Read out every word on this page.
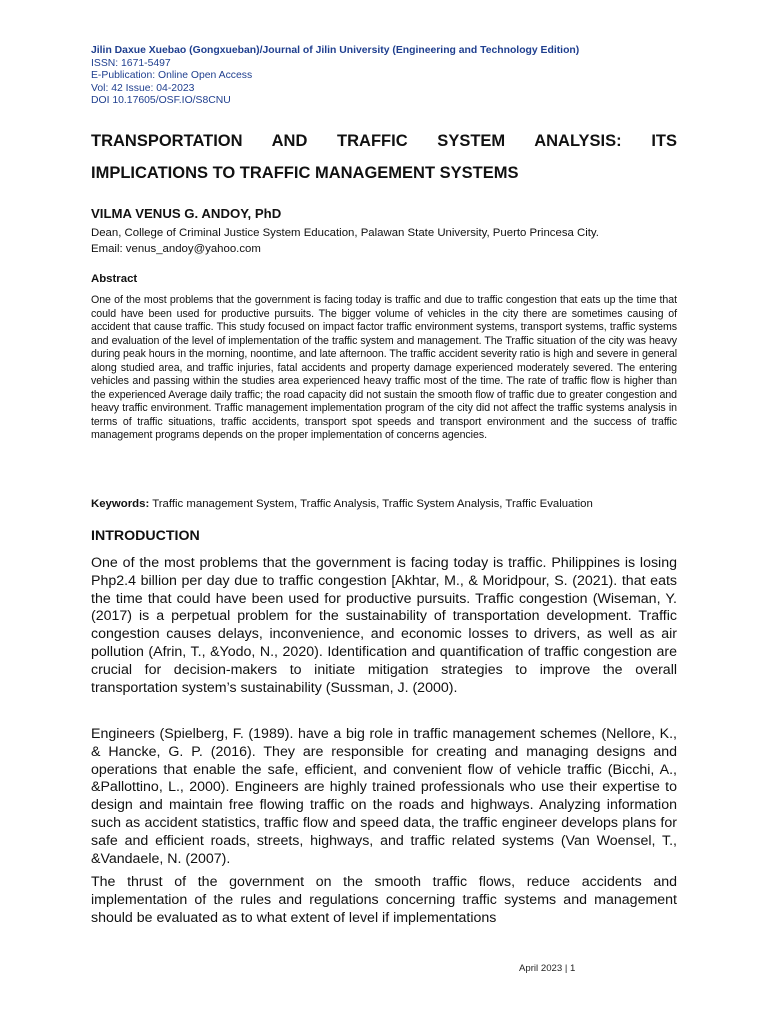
Jilin Daxue Xuebao (Gongxueban)/Journal of Jilin University (Engineering and Technology Edition)
ISSN: 1671-5497
E-Publication: Online Open Access
Vol: 42 Issue: 04-2023
DOI 10.17605/OSF.IO/S8CNU
TRANSPORTATION AND TRAFFIC SYSTEM ANALYSIS: ITS
IMPLICATIONS TO TRAFFIC MANAGEMENT SYSTEMS
VILMA VENUS G. ANDOY, PhD
Dean, College of Criminal Justice System Education, Palawan State University, Puerto Princesa City.
Email: venus_andoy@yahoo.com
Abstract

One of the most problems that the government is facing today is traffic and due to traffic congestion that eats up the time that could have been used for productive pursuits. The bigger volume of vehicles in the city there are sometimes causing of accident that cause traffic. This study focused on impact factor traffic environment systems, transport systems, traffic systems and evaluation of the level of implementation of the traffic system and management. The Traffic situation of the city was heavy during peak hours in the morning, noontime, and late afternoon. The traffic accident severity ratio is high and severe in general along studied area, and traffic injuries, fatal accidents and property damage experienced moderately severed. The entering vehicles and passing within the studies area experienced heavy traffic most of the time. The rate of traffic flow is higher than the experienced Average daily traffic; the road capacity did not sustain the smooth flow of traffic due to greater congestion and heavy traffic environment. Traffic management implementation program of the city did not affect the traffic systems analysis in terms of traffic situations, traffic accidents, transport spot speeds and transport environment and the success of traffic management programs depends on the proper implementation of concerns agencies.

Keywords: Traffic management System, Traffic Analysis, Traffic System Analysis, Traffic Evaluation
INTRODUCTION

One of the most problems that the government is facing today is traffic. Philippines is losing Php2.4 billion per day due to traffic congestion [Akhtar, M., & Moridpour, S. (2021). that eats the time that could have been used for productive pursuits. Traffic congestion (Wiseman, Y. (2017) is a perpetual problem for the sustainability of transportation development. Traffic congestion causes delays, inconvenience, and economic losses to drivers, as well as air pollution (Afrin, T., &Yodo, N., 2020). Identification and quantification of traffic congestion are crucial for decision-makers to initiate mitigation strategies to improve the overall transportation system’s sustainability (Sussman, J. (2000).

Engineers (Spielberg, F. (1989). have a big role in traffic management schemes (Nellore, K., & Hancke, G. P. (2016). They are responsible for creating and managing designs and operations that enable the safe, efficient, and convenient flow of vehicle traffic (Bicchi, A., &Pallottino, L., 2000). Engineers are highly trained professionals who use their expertise to design and maintain free flowing traffic on the roads and highways. Analyzing information such as accident statistics, traffic flow and speed data, the traffic engineer develops plans for safe and efficient roads, streets, highways, and traffic related systems (Van Woensel, T., &Vandaele, N. (2007).

The thrust of the government on the smooth traffic flows, reduce accidents and implementation of the rules and regulations concerning traffic systems and management should be evaluated as to what extent of level if implementations

April 2023 | 1
